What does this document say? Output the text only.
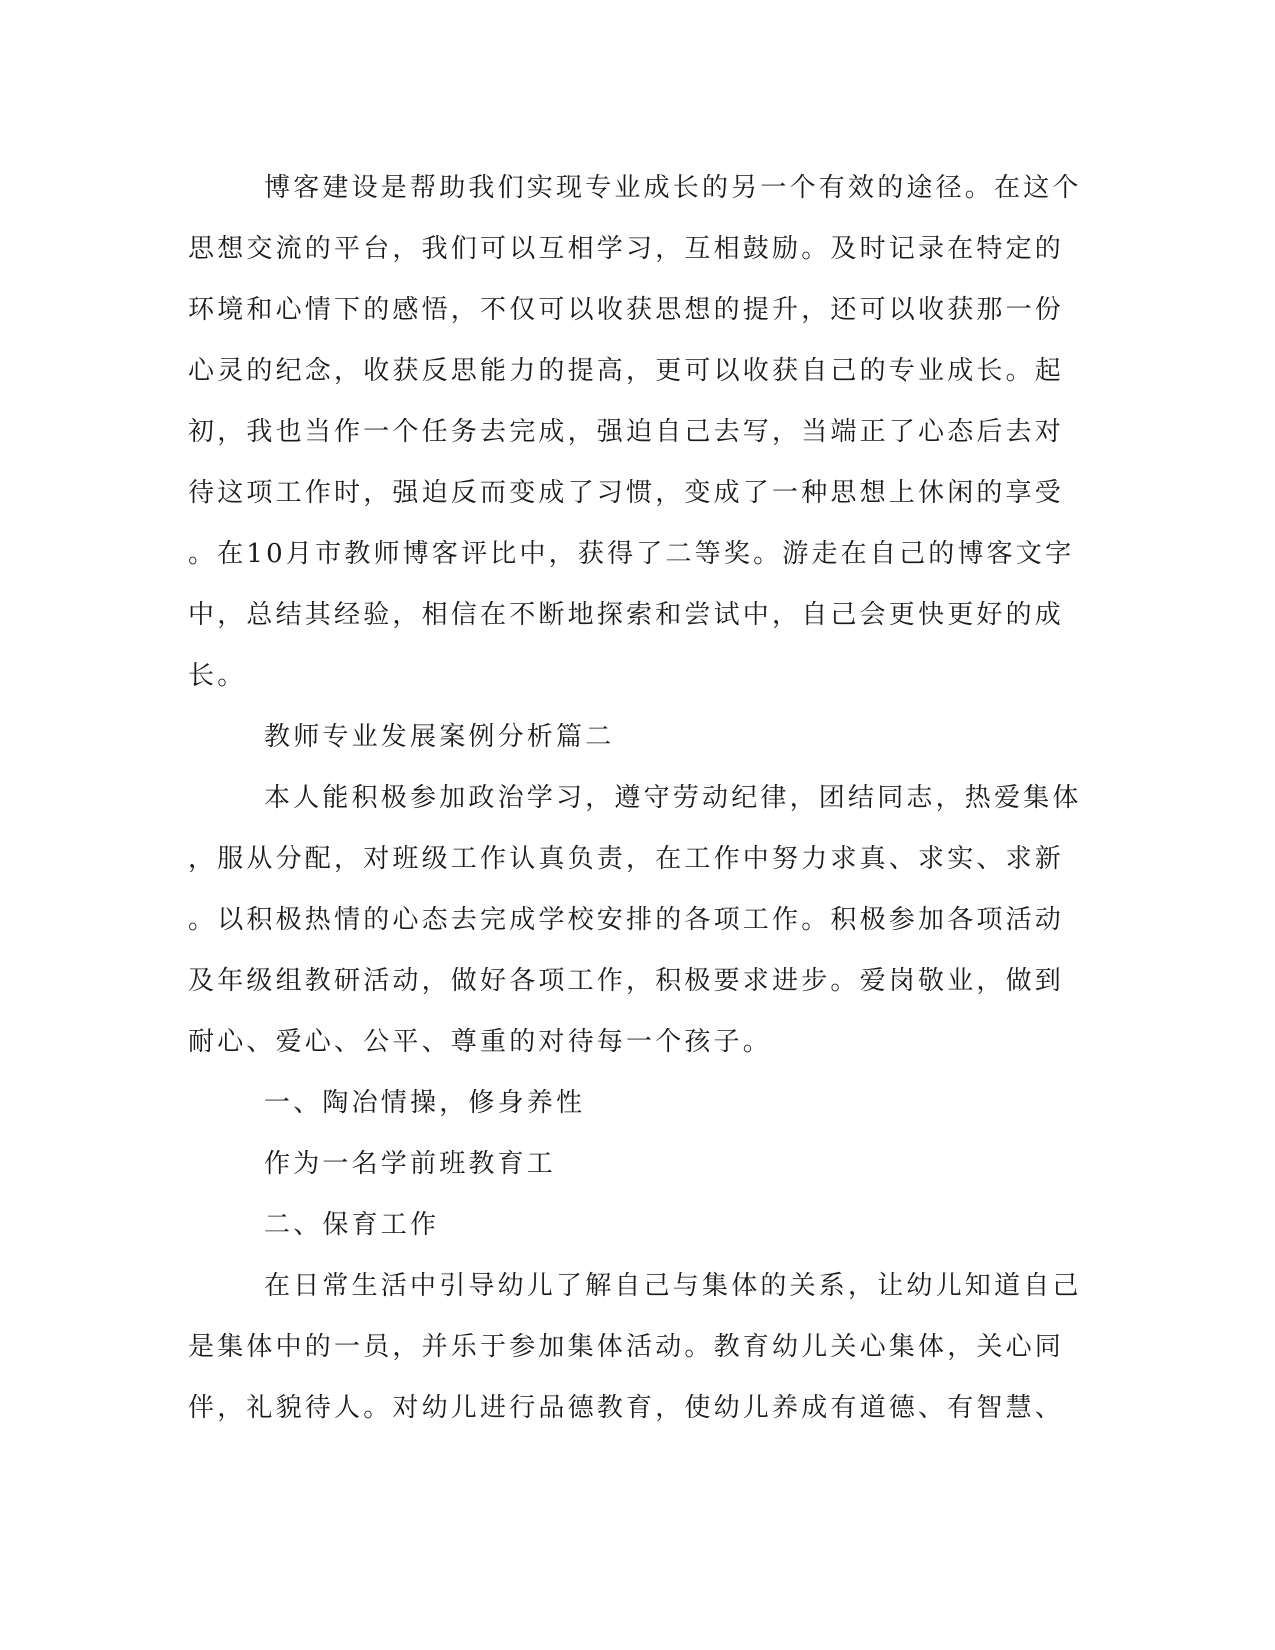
博客建设是帮助我们实现专业成长的另一个有效的途径。在这个
思想交流的平台，我们可以互相学习，互相鼓励。及时记录在特定的
环境和心情下的感悟，不仅可以收获思想的提升，还可以收获那一份
心灵的纪念，收获反思能力的提高，更可以收获自己的专业成长。起
初，我也当作一个任务去完成，强迫自己去写，当端正了心态后去对
待这项工作时，强迫反而变成了习惯，变成了一种思想上休闲的享受
。在10月市教师博客评比中，获得了二等奖。游走在自己的博客文字
中，总结其经验，相信在不断地探索和尝试中，自己会更快更好的成
长。
教师专业发展案例分析篇二
本人能积极参加政治学习，遵守劳动纪律，团结同志，热爱集体
，服从分配，对班级工作认真负责，在工作中努力求真、求实、求新
。以积极热情的心态去完成学校安排的各项工作。积极参加各项活动
及年级组教研活动，做好各项工作，积极要求进步。爱岗敬业，做到
耐心、爱心、公平、尊重的对待每一个孩子。
一、陶冶情操，修身养性
作为一名学前班教育工
二、保育工作
在日常生活中引导幼儿了解自己与集体的关系，让幼儿知道自己
是集体中的一员，并乐于参加集体活动。教育幼儿关心集体，关心同
伴，礼貌待人。对幼儿进行品德教育，使幼儿养成有道德、有智慧、
